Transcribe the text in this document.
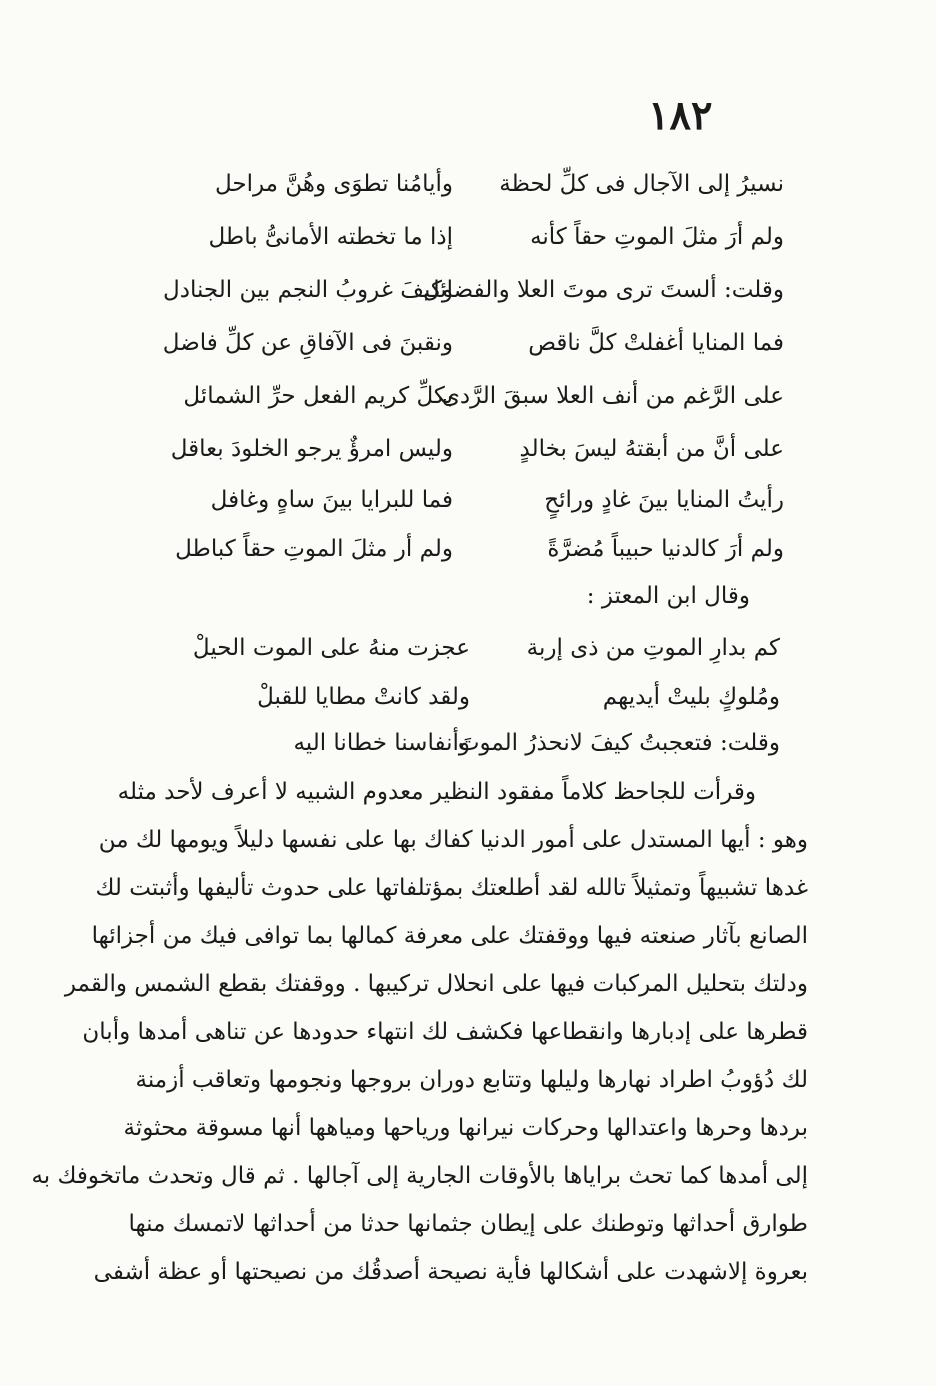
١٨٢
نسيرُ إلى الآجال فى كلِّ لحظة
وأيامُنا تطوَى وهُنَّ مراحل
ولم أرَ مثلَ الموتِ حقاً كأنه
إذا ما تخطته الأمانىُّ باطل
وقلت: ألستَ ترى موتَ العلا والفضائل
وكيفَ غروبُ النجم بين الجنادل
فما المنايا أغفلتْ كلَّ ناقص
ونقبنَ فى الآفاقِ عن كلِّ فاضل
على الرَّغم من أنف العلا سبقَ الرَّدى
بكلِّ كريم الفعل حرِّ الشمائل
على أنَّ من أبقتهُ ليسَ بخالدٍ
وليس امرؤٌ يرجو الخلودَ بعاقل
رأيتُ المنايا بينَ غادٍ ورائحٍ
فما للبرايا بينَ ساهٍ وغافل
ولم أرَ كالدنيا حبيباً مُضرَّةً
ولم أر مثلَ الموتِ حقاً كباطل
وقال ابن المعتز :
كم بدارِ الموتِ من ذى إربة
عجزت منهُ على الموت الحيلْ
ومُلوكٍ بليتْ أيديهم
ولقد كانتْ مطايا للقبلْ
وقلت: فتعجبتُ كيفَ لانحذرُ الموتَ
وأنفاسنا خطانا اليه
وقرأت للجاحظ كلاماً مفقود النظير معدوم الشبيه لا أعرف لأحد مثله
وهو : أيها المستدل على أمور الدنيا كفاك بها على نفسها دليلاً ويومها لك من
غدها تشبيهاً وتمثيلاً تالله لقد أطلعتك بمؤتلفاتها على حدوث تأليفها وأثبتت لك
الصانع بآثار صنعته فيها ووقفتك على معرفة كمالها بما توافى فيك من أجزائها
ودلتك بتحليل المركبات فيها على انحلال تركيبها . ووقفتك بقطع الشمس والقمر
قطرها على إدبارها وانقطاعها فكشف لك انتهاء حدودها عن تناهى أمدها وأبان
لك دُؤوبُ اطراد نهارها وليلها وتتابع دوران بروجها ونجومها وتعاقب أزمنة
بردها وحرها واعتدالها وحركات نيرانها ورياحها ومياهها أنها مسوقة محثوثة
إلى أمدها كما تحث براياها بالأوقات الجارية إلى آجالها . ثم قال وتحدث ماتخوفك به
طوارق أحداثها وتوطنك على إيطان جثمانها حدثا من أحداثها لاتمسك منها
بعروة إلاشهدت على أشكالها فأية نصيحة أصدقُك من نصيحتها أو عظة أشفى
